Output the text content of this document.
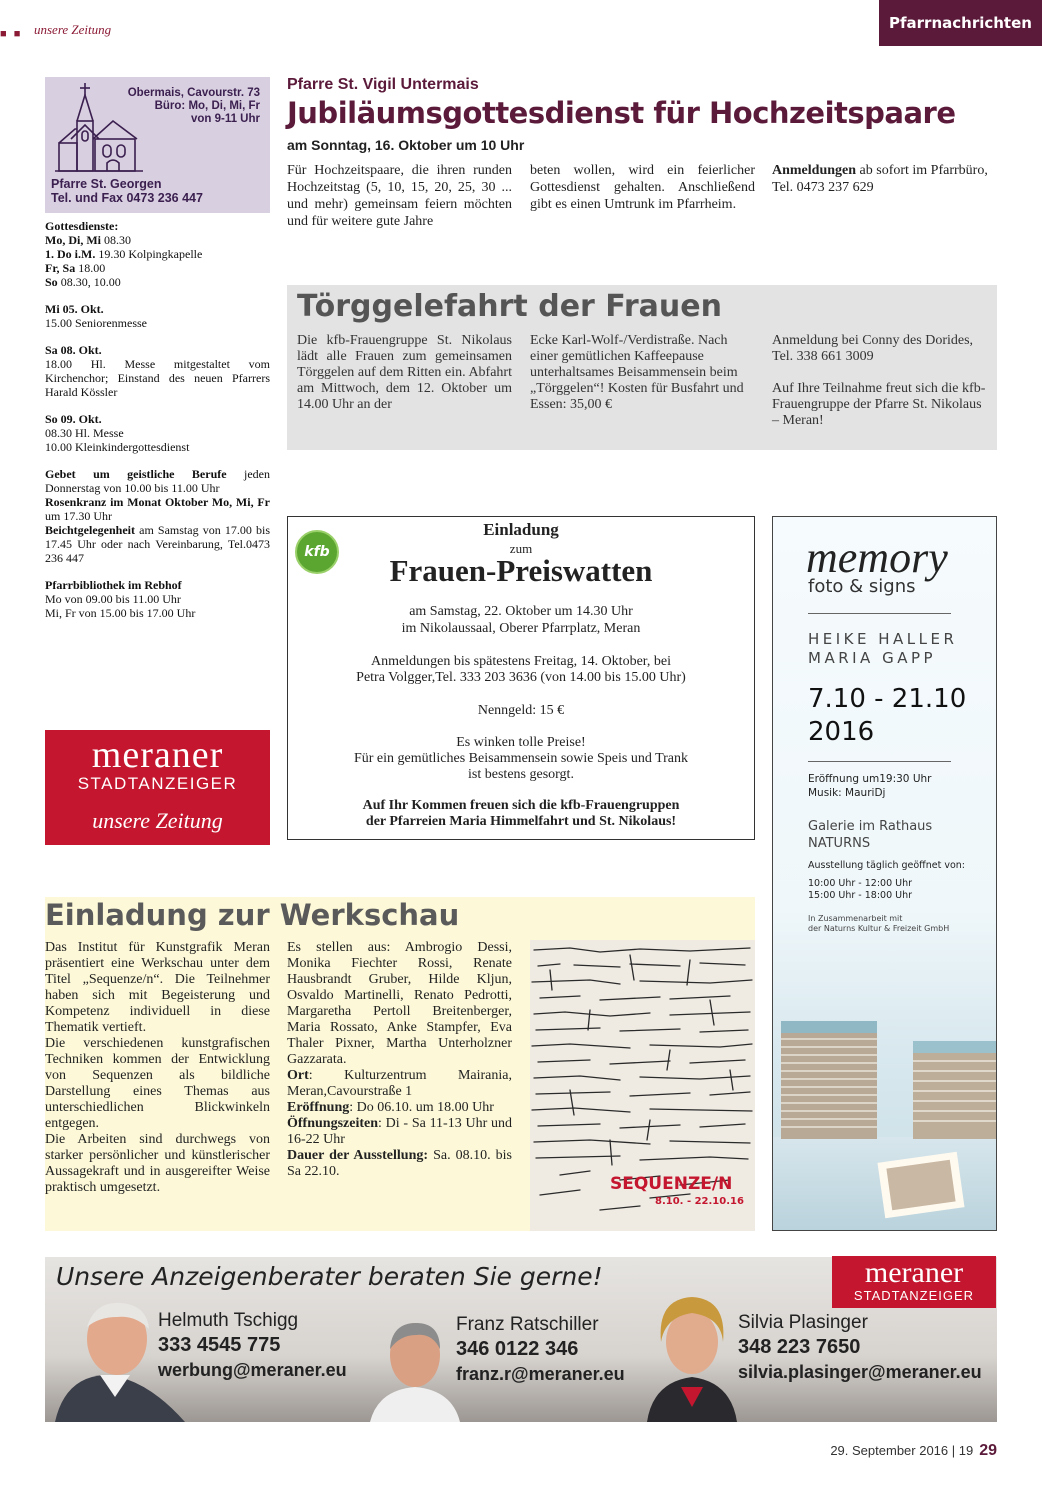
■ ■ unsere Zeitung	Pfarrnachrichten
Obermais, Cavourstr. 73
Büro: Mo, Di, Mi, Fr
von 9-11 Uhr
Pfarre St. Georgen
Tel. und Fax 0473 236 447

Gottesdienste:
Mo, Di, Mi 08.30
1. Do i.M. 19.30 Kolpingkapelle
Fr, Sa 18.00
So 08.30, 10.00

Mi 05. Okt.
15.00 Seniorenmesse

Sa 08. Okt.
18.00 Hl. Messe mitgestaltet vom Kirchenchor; Einstand des neuen Pfarrers Harald Kössler

So 09. Okt.
08.30 Hl. Messe
10.00 Kleinkindergottesdienst

Gebet um geistliche Berufe jeden Donnerstag von 10.00 bis 11.00 Uhr
Rosenkranz im Monat Oktober Mo, Mi, Fr um 17.30 Uhr
Beichtgelegenheit am Samstag von 17.00 bis 17.45 Uhr oder nach Vereinbarung, Tel.0473 236 447

Pfarrbibliothek im Rebhof
Mo von 09.00 bis 11.00 Uhr
Mi, Fr von 15.00 bis 17.00 Uhr

meraner
STADTANZEIGER
unsere Zeitung
Pfarre St. Vigil Untermais
Jubiläumsgottesdienst für Hochzeitspaare
am Sonntag, 16. Oktober um 10 Uhr
Für Hochzeitspaare, die ihren runden Hochzeitstag (5, 10, 15, 20, 25, 30 ... und mehr) gemeinsam feiern möchten und für weitere gute Jahre
beten wollen, wird ein feierlicher Gottesdienst gehalten. Anschließend gibt es einen Umtrunk im Pfarrheim.
Anmeldungen ab sofort im Pfarrbüro, Tel. 0473 237 629
Törggelefahrt der Frauen
Die kfb-Frauengruppe St. Nikolaus lädt alle Frauen zum gemeinsamen Törggelen auf dem Ritten ein. Abfahrt am Mittwoch, dem 12. Oktober um 14.00 Uhr an der
Ecke Karl-Wolf-/Verdistraße. Nach einer gemütlichen Kaffeepause unterhaltsames Beisammensein beim „Törggelen“! Kosten für Busfahrt und Essen: 35,00 €
Anmeldung bei Conny des Dorides, Tel. 338 661 3009
Auf Ihre Teilnahme freut sich die kfb-Frauengruppe der Pfarre St. Nikolaus – Meran!
kfb
Einladung
zum
Frauen-Preiswatten
am Samstag, 22. Oktober um 14.30 Uhr
im Nikolaussaal, Oberer Pfarrplatz, Meran
Anmeldungen bis spätestens Freitag, 14. Oktober, bei
Petra Volgger,Tel. 333 203 3636 (von 14.00 bis 15.00 Uhr)
Nenngeld: 15 €
Es winken tolle Preise!
Für ein gemütliches Beisammensein sowie Speis und Trank
ist bestens gesorgt.
Auf Ihr Kommen freuen sich die kfb-Frauengruppen
der Pfarreien Maria Himmelfahrt und St. Nikolaus!
memory
foto & signs
HEIKE HALLER
MARIA GAPP
7.10 - 21.10
2016
Eröffnung um19:30 Uhr
Musik: MauriDj
Galerie im Rathaus
NATURNS
Ausstellung täglich geöffnet von:
10:00 Uhr - 12:00 Uhr
15:00 Uhr - 18:00 Uhr
In Zusammenarbeit mit
der Naturns Kultur & Freizeit GmbH
Einladung zur Werkschau
Das Institut für Kunstgrafik Meran präsentiert eine Werkschau unter dem Titel „Sequenze/n“. Die Teilnehmer haben sich mit Begeisterung und Kompetenz individuell in diese Thematik vertieft.
Die verschiedenen kunstgrafischen Techniken kommen der Entwicklung von Sequenzen als bildliche Darstellung eines Themas aus unterschiedlichen Blickwinkeln entgegen.
Die Arbeiten sind durchwegs von starker persönlicher und künstlerischer Aussagekraft und in ausgereifter Weise praktisch umgesetzt.
Es stellen aus: Ambrogio Dessi, Monika Fiechter Rossi, Renate Hausbrandt Gruber, Hilde Kljun, Osvaldo Martinelli, Renato Pedrotti, Margaretha Pertoll Breitenberger, Maria Rossato, Anke Stampfer, Eva Thaler Pixner, Martha Unterholzner Gazzarata.
Ort: Kulturzentrum Mairania, Meran,Cavourstraße 1
Eröffnung: Do 06.10. um 18.00 Uhr
Öffnungszeiten: Di - Sa 11-13 Uhr und 16-22 Uhr
Dauer der Ausstellung: Sa. 08.10. bis Sa 22.10.
SEQUENZE/N
8.10. - 22.10.16
Unsere Anzeigenberater beraten Sie gerne!	meraner
STADTANZEIGER
Helmuth Tschigg
333 4545 775
werbung@meraner.eu
Franz Ratschiller
346 0122 346
franz.r@meraner.eu
Silvia Plasinger
348 223 7650
silvia.plasinger@meraner.eu
29. September 2016 | 19 29
